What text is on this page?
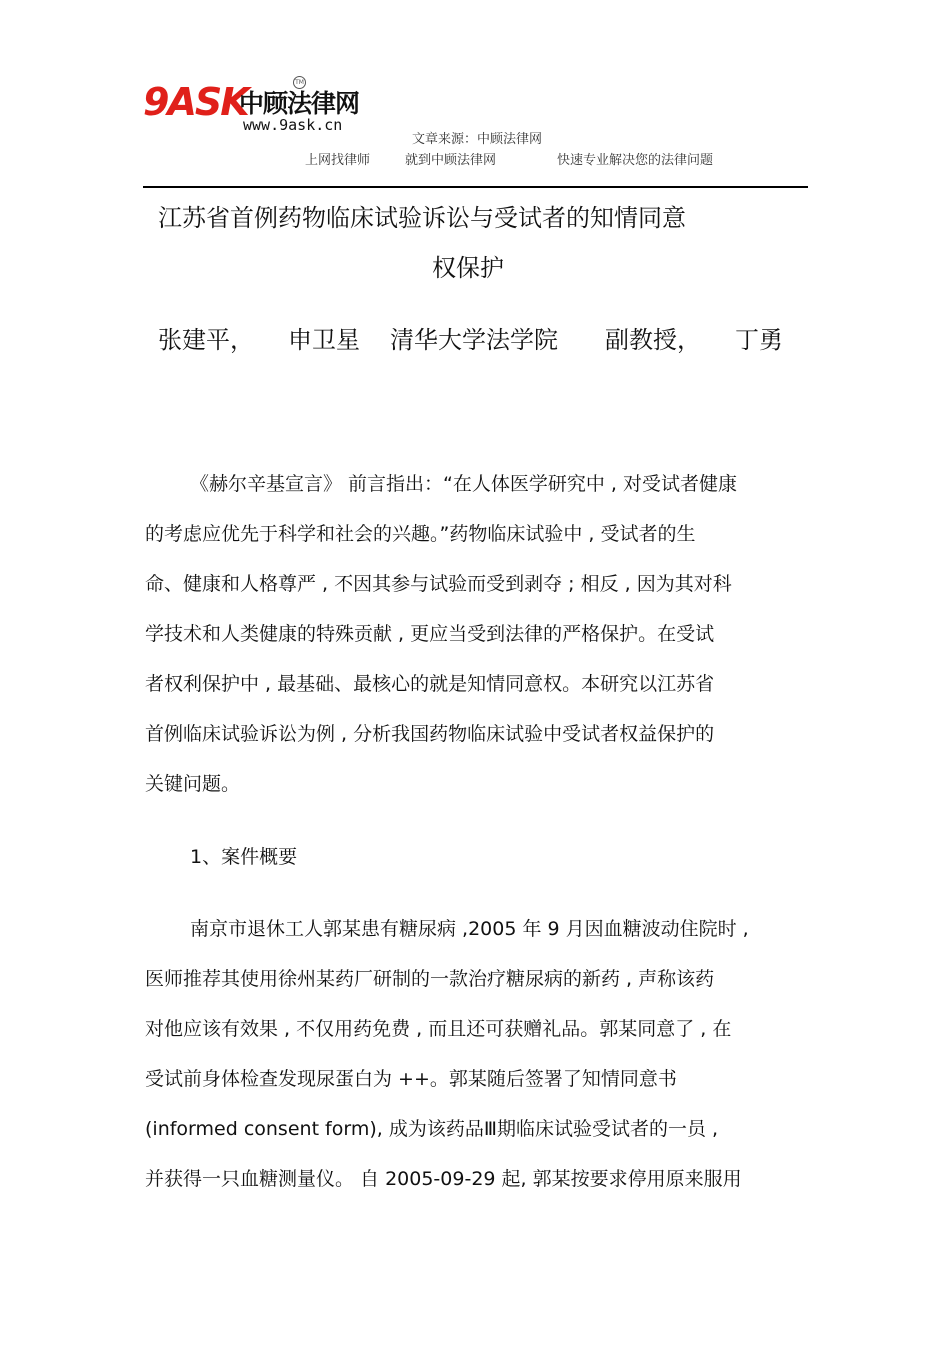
9ASK
中顾法律网
TM
www.9ask.cn
文章来源：中顾法律网
上网找律师	就到中顾法律网	快速专业解决您的法律问题
江苏省首例药物临床试验诉讼与受试者的知情同意
权保护
张建平， 申卫星 清华大学法学院 副教授， 丁勇
《赫尔辛基宣言》 前言指出：“在人体医学研究中 , 对受试者健康
的考虑应优先于科学和社会的兴趣。”药物临床试验中 , 受试者的生
命、健康和人格尊严 , 不因其参与试验而受到剥夺 ; 相反 , 因为其对科
学技术和人类健康的特殊贡献 , 更应当受到法律的严格保护。在受试
者权利保护中 , 最基础、最核心的就是知情同意权。本研究以江苏省
首例临床试验诉讼为例 , 分析我国药物临床试验中受试者权益保护的
关键问题。
1、案件概要
南京市退休工人郭某患有糖尿病 ,2005 年 9 月因血糖波动住院时 ,
医师推荐其使用徐州某药厂研制的一款治疗糖尿病的新药 , 声称该药
对他应该有效果 , 不仅用药免费 , 而且还可获赠礼品。郭某同意了 , 在
受试前身体检查发现尿蛋白为 ++。郭某随后签署了知情同意书
(informed consent form), 成为该药品Ⅲ期临床试验受试者的一员 ,
并获得一只血糖测量仪。 自 2005-09-29 起, 郭某按要求停用原来服用
